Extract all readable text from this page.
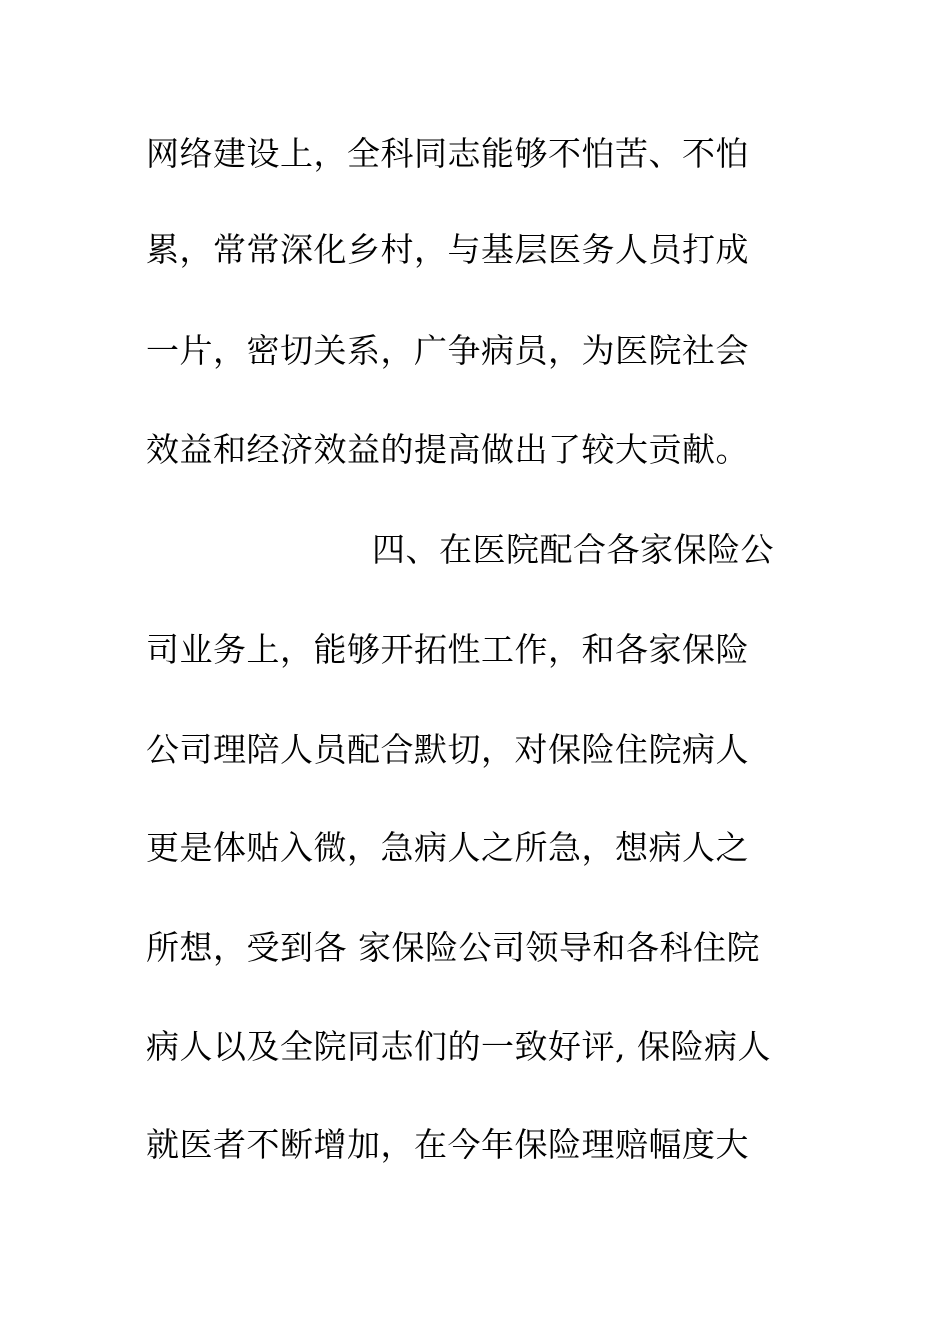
网络建设上，全科同志能够不怕苦、不怕
累，常常深化乡村，与基层医务人员打成
一片，密切关系，广争病员，为医院社会
效益和经济效益的提高做出了较大贡献。
四、在医院配合各家保险公
司业务上，能够开拓性工作，和各家保险
公司理陪人员配合默切，对保险住院病人
更是体贴入微，急病人之所急，想病人之
所想，受到各 家保险公司领导和各科住院
病人以及全院同志们的一致好评, 保险病人
就医者不断增加，在今年保险理赔幅度大
